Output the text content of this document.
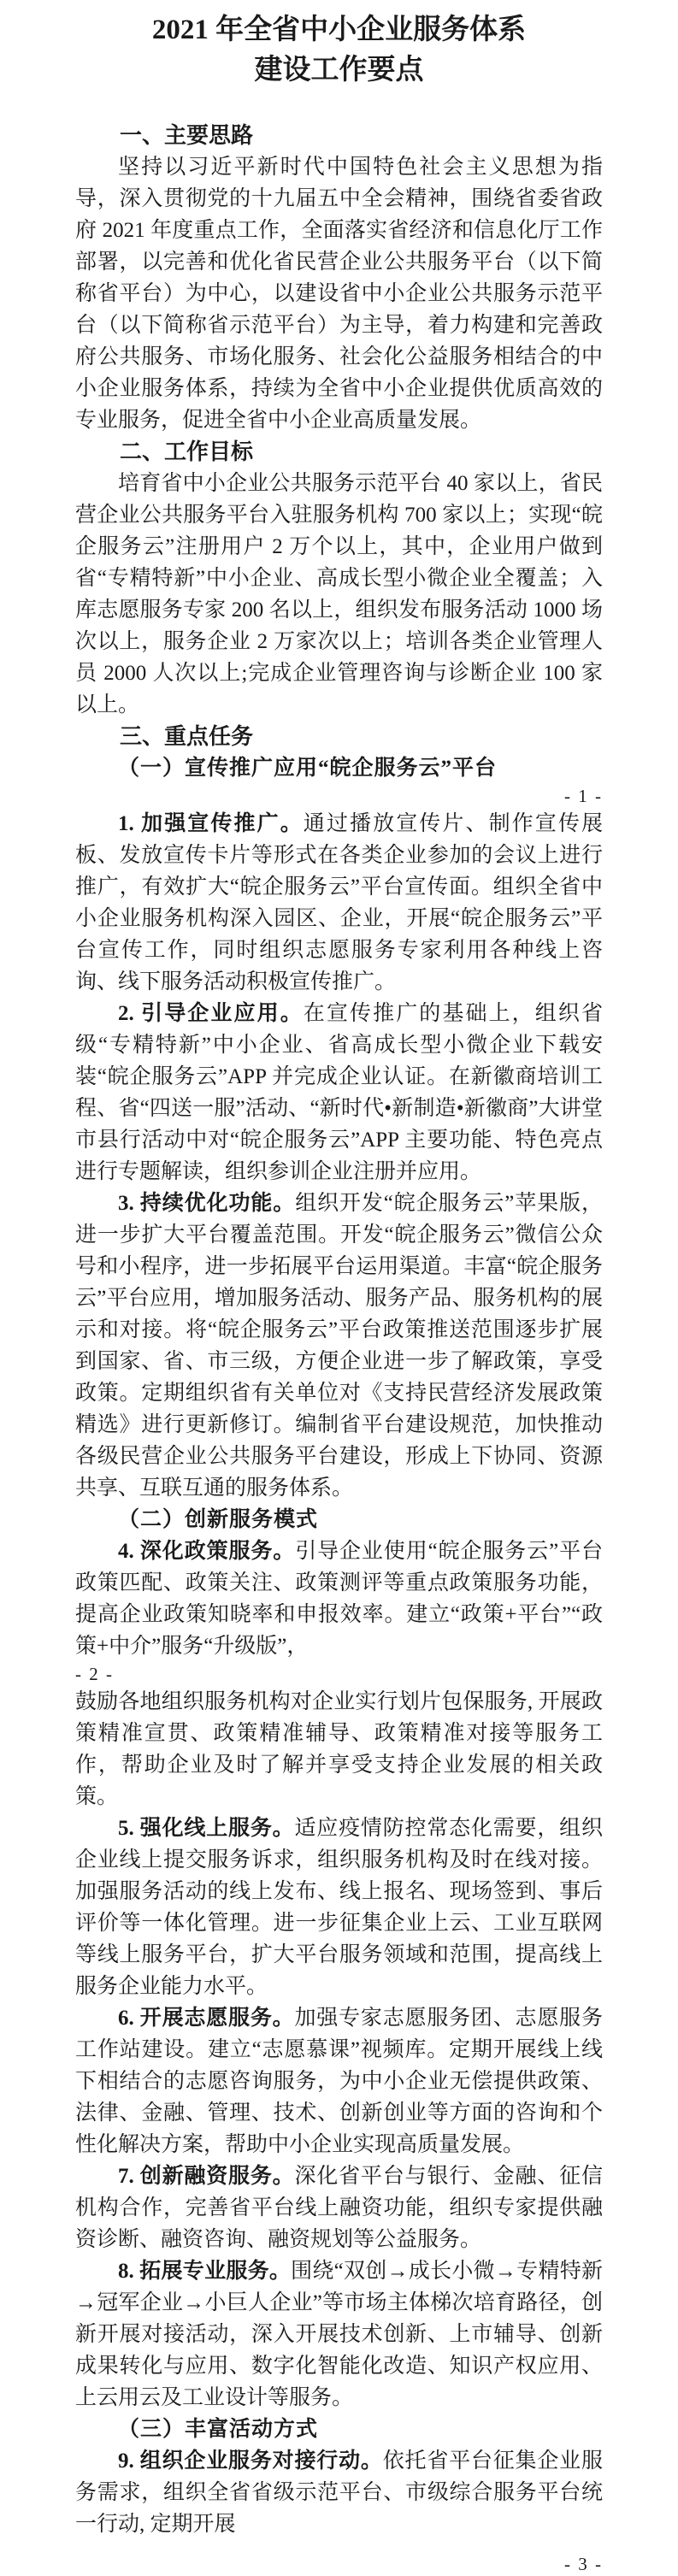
2021 年全省中小企业服务体系
建设工作要点

一、主要思路

坚持以习近平新时代中国特色社会主义思想为指导，深入贯彻党的十九届五中全会精神，围绕省委省政府 2021 年度重点工作，全面落实省经济和信息化厅工作部署，以完善和优化省民营企业公共服务平台（以下简称省平台）为中心，以建设省中小企业公共服务示范平台（以下简称省示范平台）为主导，着力构建和完善政府公共服务、市场化服务、社会化公益服务相结合的中小企业服务体系，持续为全省中小企业提供优质高效的专业服务，促进全省中小企业高质量发展。

二、工作目标

培育省中小企业公共服务示范平台 40 家以上，省民营企业公共服务平台入驻服务机构 700 家以上；实现“皖企服务云”注册用户 2 万个以上，其中，企业用户做到省“专精特新”中小企业、高成长型小微企业全覆盖；入库志愿服务专家 200 名以上，组织发布服务活动 1000 场次以上，服务企业 2 万家次以上；培训各类企业管理人员 2000 人次以上;完成企业管理咨询与诊断企业 100 家以上。

三、重点任务

（一）宣传推广应用“皖企服务云”平台

- 1 -

1. 加强宣传推广。通过播放宣传片、制作宣传展板、发放宣传卡片等形式在各类企业参加的会议上进行推广，有效扩大“皖企服务云”平台宣传面。组织全省中小企业服务机构深入园区、企业，开展“皖企服务云”平台宣传工作，同时组织志愿服务专家利用各种线上咨询、线下服务活动积极宣传推广。

2. 引导企业应用。在宣传推广的基础上，组织省级“专精特新”中小企业、省高成长型小微企业下载安装“皖企服务云”APP 并完成企业认证。在新徽商培训工程、省“四送一服”活动、“新时代•新制造•新徽商”大讲堂市县行活动中对“皖企服务云”APP 主要功能、特色亮点进行专题解读，组织参训企业注册并应用。

3. 持续优化功能。组织开发“皖企服务云”苹果版，进一步扩大平台覆盖范围。开发“皖企服务云”微信公众号和小程序，进一步拓展平台运用渠道。丰富“皖企服务云”平台应用，增加服务活动、服务产品、服务机构的展示和对接。将“皖企服务云”平台政策推送范围逐步扩展到国家、省、市三级，方便企业进一步了解政策，享受政策。定期组织省有关单位对《支持民营经济发展政策精选》进行更新修订。编制省平台建设规范，加快推动各级民营企业公共服务平台建设，形成上下协同、资源共享、互联互通的服务体系。

（二）创新服务模式

4. 深化政策服务。引导企业使用“皖企服务云”平台政策匹配、政策关注、政策测评等重点政策服务功能，提高企业政策知晓率和申报效率。建立“政策+平台”“政策+中介”服务“升级版”，

- 2 -

鼓励各地组织服务机构对企业实行划片包保服务, 开展政策精准宣贯、政策精准辅导、政策精准对接等服务工作，帮助企业及时了解并享受支持企业发展的相关政策。

5. 强化线上服务。适应疫情防控常态化需要，组织企业线上提交服务诉求，组织服务机构及时在线对接。加强服务活动的线上发布、线上报名、现场签到、事后评价等一体化管理。进一步征集企业上云、工业互联网等线上服务平台，扩大平台服务领域和范围，提高线上服务企业能力水平。

6. 开展志愿服务。加强专家志愿服务团、志愿服务工作站建设。建立“志愿慕课”视频库。定期开展线上线下相结合的志愿咨询服务，为中小企业无偿提供政策、法律、金融、管理、技术、创新创业等方面的咨询和个性化解决方案，帮助中小企业实现高质量发展。

7. 创新融资服务。深化省平台与银行、金融、征信机构合作，完善省平台线上融资功能，组织专家提供融资诊断、融资咨询、融资规划等公益服务。

8. 拓展专业服务。围绕“双创→成长小微→专精特新→冠军企业→小巨人企业”等市场主体梯次培育路径，创新开展对接活动，深入开展技术创新、上市辅导、创新成果转化与应用、数字化智能化改造、知识产权应用、上云用云及工业设计等服务。

（三）丰富活动方式

9. 组织企业服务对接行动。依托省平台征集企业服务需求，组织全省省级示范平台、市级综合服务平台统一行动, 定期开展

- 3 -
